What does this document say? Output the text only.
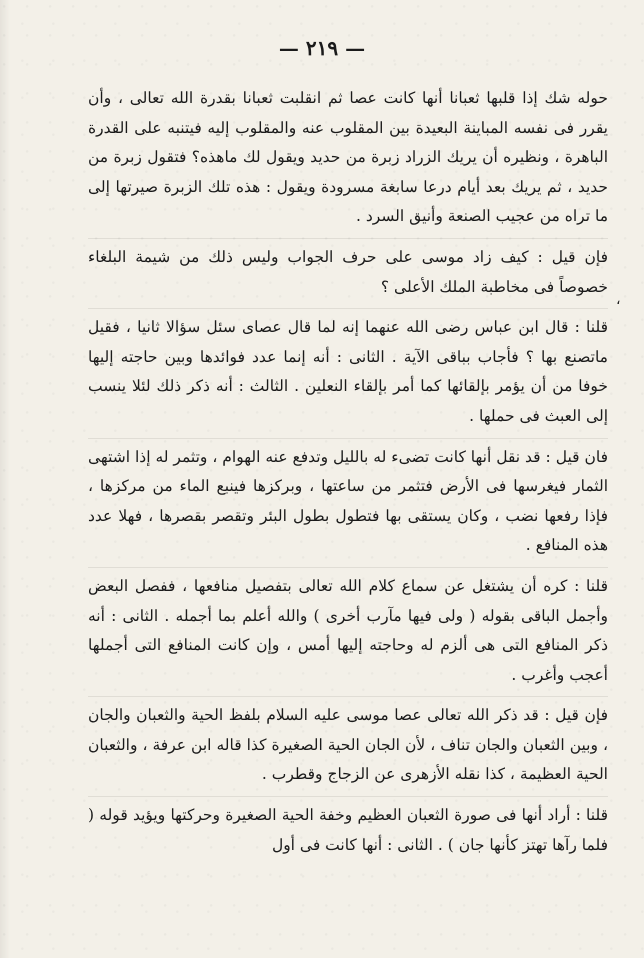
— ٢١٩ —
،

حوله شك إذا قلبها ثعبانا أنها كانت عصا ثم انقلبت ثعبانا بقدرة الله تعالى ، وأن يقرر فى نفسه المباينة البعيدة بين المقلوب عنه والمقلوب إليه فيتنبه على القدرة الباهرة ، ونظيره أن يريك الزراد زبرة من حديد ويقول لك ماهذه؟ فتقول زبرة من حديد ، ثم يريك بعد أيام درعا سابغة مسرودة ويقول : هذه تلك الزبرة صيرتها إلى ما تراه من عجيب الصنعة وأنيق السرد .

فإن قيل : كيف زاد موسى على حرف الجواب وليس ذلك من شيمة البلغاء خصوصاً فى مخاطبة الملك الأعلى ؟

قلنا : قال ابن عباس رضى الله عنهما إنه لما قال عصاى سئل سؤالا ثانيا ، فقيل ماتصنع بها ؟ فأجاب بباقى الآية . الثانى : أنه إنما عدد فوائدها وبين حاجته إليها خوفا من أن يؤمر بإلقائها كما أمر بإلقاء النعلين . الثالث : أنه ذكر ذلك لئلا ينسب إلى العبث فى حملها .

فان قيل : قد نقل أنها كانت تضىء له بالليل وتدفع عنه الهوام ، وتثمر له إذا اشتهى الثمار فيغرسها فى الأرض فتثمر من ساعتها ، وبركزها فينبع الماء من مركزها ، فإذا رفعها نضب ، وكان يستقى بها فتطول بطول البئر وتقصر بقصرها ، فهلا عدد هذه المنافع .

قلنا : كره أن يشتغل عن سماع كلام الله تعالى بتفصيل منافعها ، ففصل البعض وأجمل الباقى بقوله ( ولى فيها مآرب أخرى ) والله أعلم بما أجمله . الثانى : أنه ذكر المنافع التى هى ألزم له وحاجته إليها أمس ، وإن كانت المنافع التى أجملها أعجب وأغرب .

فإن قيل : قد ذكر الله تعالى عصا موسى عليه السلام بلفظ الحية والثعبان والجان ، وبين الثعبان والجان تناف ، لأن الجان الحية الصغيرة كذا قاله ابن عرفة ، والثعبان الحية العظيمة ، كذا نقله الأزهرى عن الزجاج وقطرب .

قلنا : أراد أنها فى صورة الثعبان العظيم وخفة الحية الصغيرة وحركتها ويؤيد قوله ( فلما رآها تهتز كأنها جان ) . الثانى : أنها كانت فى أول
